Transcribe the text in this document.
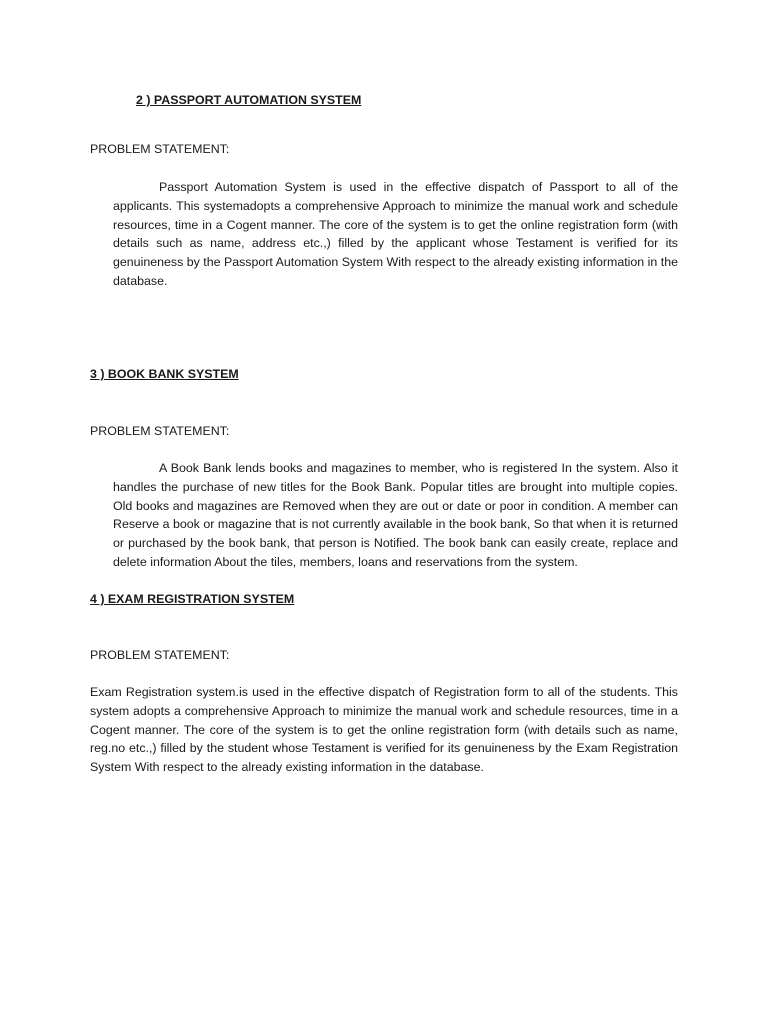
2 ) PASSPORT AUTOMATION SYSTEM
PROBLEM STATEMENT:
Passport Automation System is used in the effective dispatch of Passport to all of the applicants. This systemadopts a comprehensive Approach to minimize the manual work and schedule resources, time in a Cogent manner. The core of the system is to get the online registration form (with details such as name, address etc.,) filled by the applicant whose Testament is verified for its genuineness by the Passport Automation System With respect to the already existing information in the database.
3 ) BOOK BANK SYSTEM
PROBLEM STATEMENT:
A Book Bank lends books and magazines to member, who is registered In the system. Also it handles the purchase of new titles for the Book Bank. Popular titles are brought into multiple copies. Old books and magazines are Removed when they are out or date or poor in condition. A member can Reserve a book or magazine that is not currently available in the book bank, So that when it is returned or purchased by the book bank, that person is Notified. The book bank can easily create, replace and delete information About the tiles, members, loans and reservations from the system.
4 ) EXAM REGISTRATION SYSTEM
PROBLEM STATEMENT:
Exam Registration system.is used in the effective dispatch of Registration form to all of the students. This system adopts a comprehensive Approach to minimize the manual work and schedule resources, time in a Cogent manner. The core of the system is to get the online registration form (with details such as name, reg.no etc.,) filled by the student whose Testament is verified for its genuineness by the Exam Registration System With respect to the already existing information in the database.
